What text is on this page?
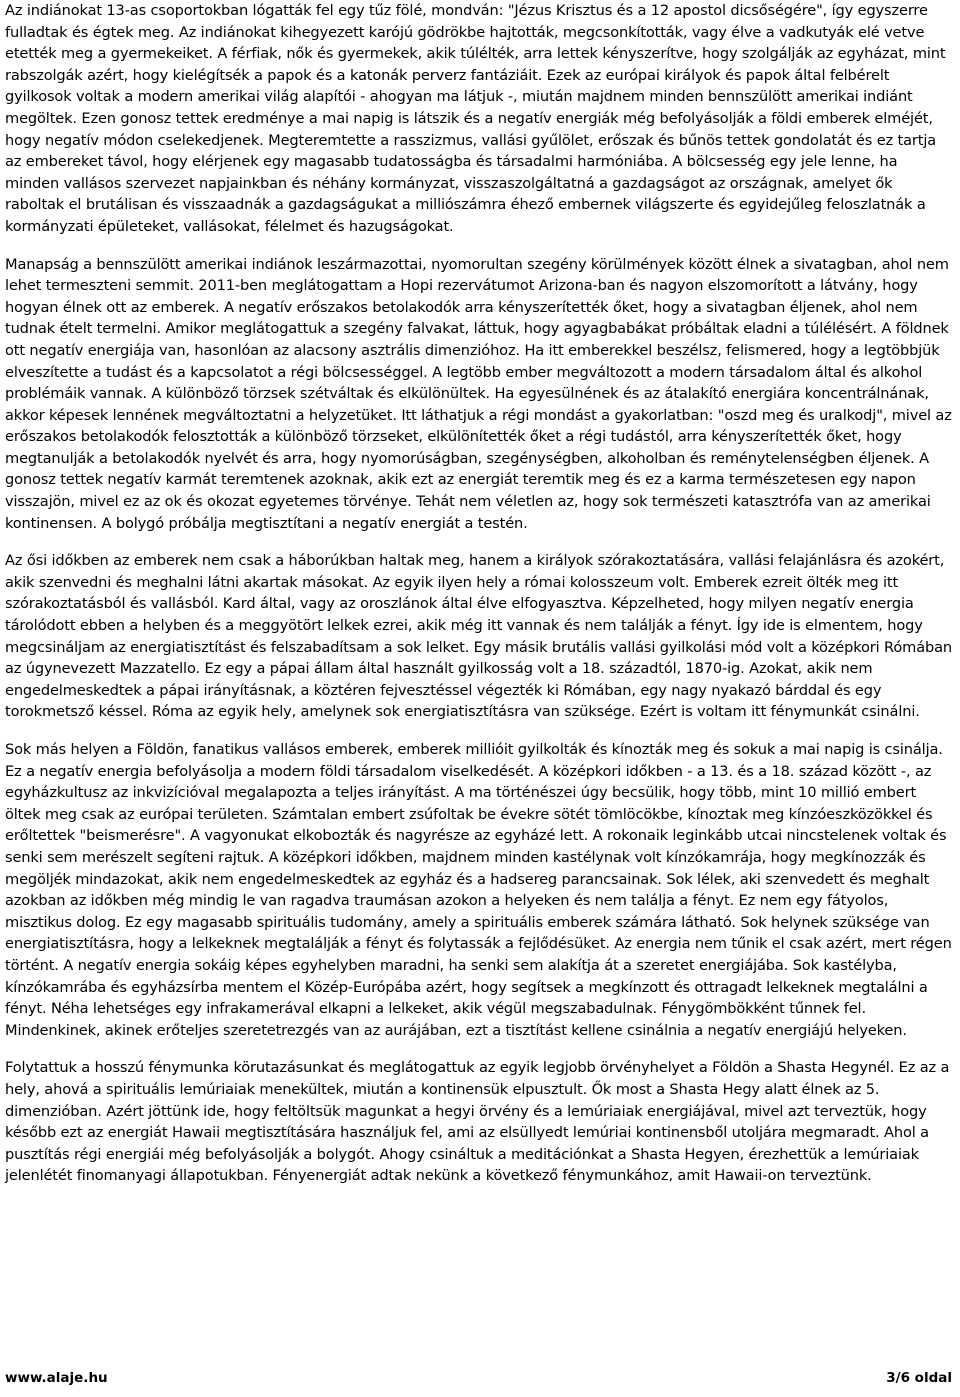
Az indiánokat 13-as csoportokban lógatták fel egy tűz fölé, mondván: "Jézus Krisztus és a 12 apostol dicsőségére", így egyszerre fulladtak és égtek meg. Az indiánokat kihegyezett karójú gödrökbe hajtották, megcsonkították, vagy élve a vadkutyák elé vetve etették meg a gyermekeiket. A férfiak, nők és gyermekek, akik túlélték, arra lettek kényszerítve, hogy szolgálják az egyházat, mint rabszolgák azért, hogy kielégítsék a papok és a katonák perverz fantáziáit. Ezek az európai királyok és papok által felbérelt gyilkosok voltak a modern amerikai világ alapítói - ahogyan ma látjuk -, miután majdnem minden bennszülött amerikai indiánt megöltek. Ezen gonosz tettek eredménye a mai napig is látszik és a negatív energiák még befolyásolják a földi emberek elméjét, hogy negatív módon cselekedjenek. Megteremtette a rasszizmus, vallási gyűlölet, erőszak és bűnös tettek gondolatát és ez tartja az embereket távol, hogy elérjenek egy magasabb tudatosságba és társadalmi harmóniába. A bölcsesség egy jele lenne, ha minden vallásos szervezet napjainkban és néhány kormányzat, visszaszolgáltatná a gazdagságot az országnak, amelyet ők raboltak el brutálisan és visszaadnák a gazdagságukat a milliószámra éhező embernek világszerte és egyidejűleg feloszlatnák a kormányzati épületeket, vallásokat, félelmet és hazugságokat.

Manapság a bennszülött amerikai indiánok leszármazottai, nyomorultan szegény körülmények között élnek a sivatagban, ahol nem lehet termeszteni semmit. 2011-ben meglátogattam a Hopi rezervátumot Arizona-ban és nagyon elszomorított a látvány, hogy hogyan élnek ott az emberek. A negatív erőszakos betolakodók arra kényszerítették őket, hogy a sivatagban éljenek, ahol nem tudnak ételt termelni. Amikor meglátogattuk a szegény falvakat, láttuk, hogy agyagbabákat próbáltak eladni a túlélésért. A földnek ott negatív energiája van, hasonlóan az alacsony asztrális dimenzióhoz. Ha itt emberekkel beszélsz, felismered, hogy a legtöbbjük elveszítette a tudást és a kapcsolatot a régi bölcsességgel. A legtöbb ember megváltozott a modern társadalom által és alkohol problémáik vannak. A különböző törzsek szétváltak és elkülönültek. Ha egyesülnének és az átalakító energiára koncentrálnának, akkor képesek lennének megváltoztatni a helyzetüket. Itt láthatjuk a régi mondást a gyakorlatban: "oszd meg és uralkodj", mivel az erőszakos betolakodók felosztották a különböző törzseket, elkülönítették őket a régi tudástól, arra kényszerítették őket, hogy megtanulják a betolakodók nyelvét és arra, hogy nyomorúságban, szegénységben, alkoholban és reménytelenségben éljenek. A gonosz tettek negatív karmát teremtenek azoknak, akik ezt az energiát teremtik meg és ez a karma természetesen egy napon visszajön, mivel ez az ok és okozat egyetemes törvénye. Tehát nem véletlen az, hogy sok természeti katasztrófa van az amerikai kontinensen. A bolygó próbálja megtisztítani a negatív energiát a testén.

Az ősi időkben az emberek nem csak a háborúkban haltak meg, hanem a királyok szórakoztatására, vallási felajánlásra és azokért, akik szenvedni és meghalni látni akartak másokat. Az egyik ilyen hely a római kolosszeum volt. Emberek ezreit ölték meg itt szórakoztatásból és vallásból. Kard által, vagy az oroszlánok által élve elfogyasztva. Képzelheted, hogy milyen negatív energia tárolódott ebben a helyben és a meggyötört lelkek ezrei, akik még itt vannak és nem találják a fényt. Így ide is elmentem, hogy megcsináljam az energiatisztítást és felszabadítsam a sok lelket. Egy másik brutális vallási gyilkolási mód volt a középkori Rómában az úgynevezett Mazzatello. Ez egy a pápai állam által használt gyilkosság volt a 18. századtól, 1870-ig. Azokat, akik nem engedelmeskedtek a pápai irányításnak, a köztéren fejvesztéssel végezték ki Rómában, egy nagy nyakazó bárddal és egy torokmetsző késsel. Róma az egyik hely, amelynek sok energiatisztításra van szüksége. Ezért is voltam itt fénymunkát csinálni.

Sok más helyen a Földön, fanatikus vallásos emberek, emberek millióit gyilkolták és kínozták meg és sokuk a mai napig is csinálja. Ez a negatív energia befolyásolja a modern földi társadalom viselkedését. A középkori időkben - a 13. és a 18. század között -, az egyházkultusz az inkvizícióval megalapozta a teljes irányítást. A ma történészei úgy becsülik, hogy több, mint 10 millió embert öltek meg csak az európai területen. Számtalan embert zsúfoltak be évekre sötét tömlöcökbe, kínoztak meg kínzóeszközökkel és erőltettek "beismerésre". A vagyonukat elkobozták és nagyrésze az egyházé lett. A rokonaik leginkább utcai nincstelenek voltak és senki sem merészelt segíteni rajtuk. A középkori időkben, majdnem minden kastélynak volt kínzókamrája, hogy megkínozzák és megöljék mindazokat, akik nem engedelmeskedtek az egyház és a hadsereg parancsainak. Sok lélek, aki szenvedett és meghalt azokban az időkben még mindig le van ragadva traumásan azokon a helyeken és nem találja a fényt. Ez nem egy fátyolos, misztikus dolog. Ez egy magasabb spirituális tudomány, amely a spirituális emberek számára látható. Sok helynek szüksége van energiatisztításra, hogy a lelkeknek megtalálják a fényt és folytassák a fejlődésüket. Az energia nem tűnik el csak azért, mert régen történt. A negatív energia sokáig képes egyhelyben maradni, ha senki sem alakítja át a szeretet energiájába. Sok kastélyba, kínzókamrába és egyházsírba mentem el Közép-Európába azért, hogy segítsek a megkínzott és ottragadt lelkeknek megtalálni a fényt. Néha lehetséges egy infrakamerával elkapni a lelkeket, akik végül megszabadulnak. Fénygömbökként tűnnek fel. Mindenkinek, akinek erőteljes szeretetrezgés van az aurájában, ezt a tisztítást kellene csinálnia a negatív energiájú helyeken.

Folytattuk a hosszú fénymunka körutazásunkat és meglátogattuk az egyik legjobb örvényhelyet a Földön a Shasta Hegynél. Ez az a hely, ahová a spirituális lemúriaiak menekültek, miután a kontinensük elpusztult. Ők most a Shasta Hegy alatt élnek az 5. dimenzióban. Azért jöttünk ide, hogy feltöltsük magunkat a hegyi örvény és a lemúriaiak energiájával, mivel azt terveztük, hogy később ezt az energiát Hawaii megtisztítására használjuk fel, ami az elsüllyedt lemúriai kontinensből utoljára megmaradt. Ahol a pusztítás régi energiái még befolyásolják a bolygót. Ahogy csináltuk a meditációnkat a Shasta Hegyen, érezhettük a lemúriaiak jelenlétét finomanyagi állapotukban. Fényenergiát adtak nekünk a következő fénymunkához, amit Hawaii-on terveztünk.

www.alaje.hu	3/6 oldal
